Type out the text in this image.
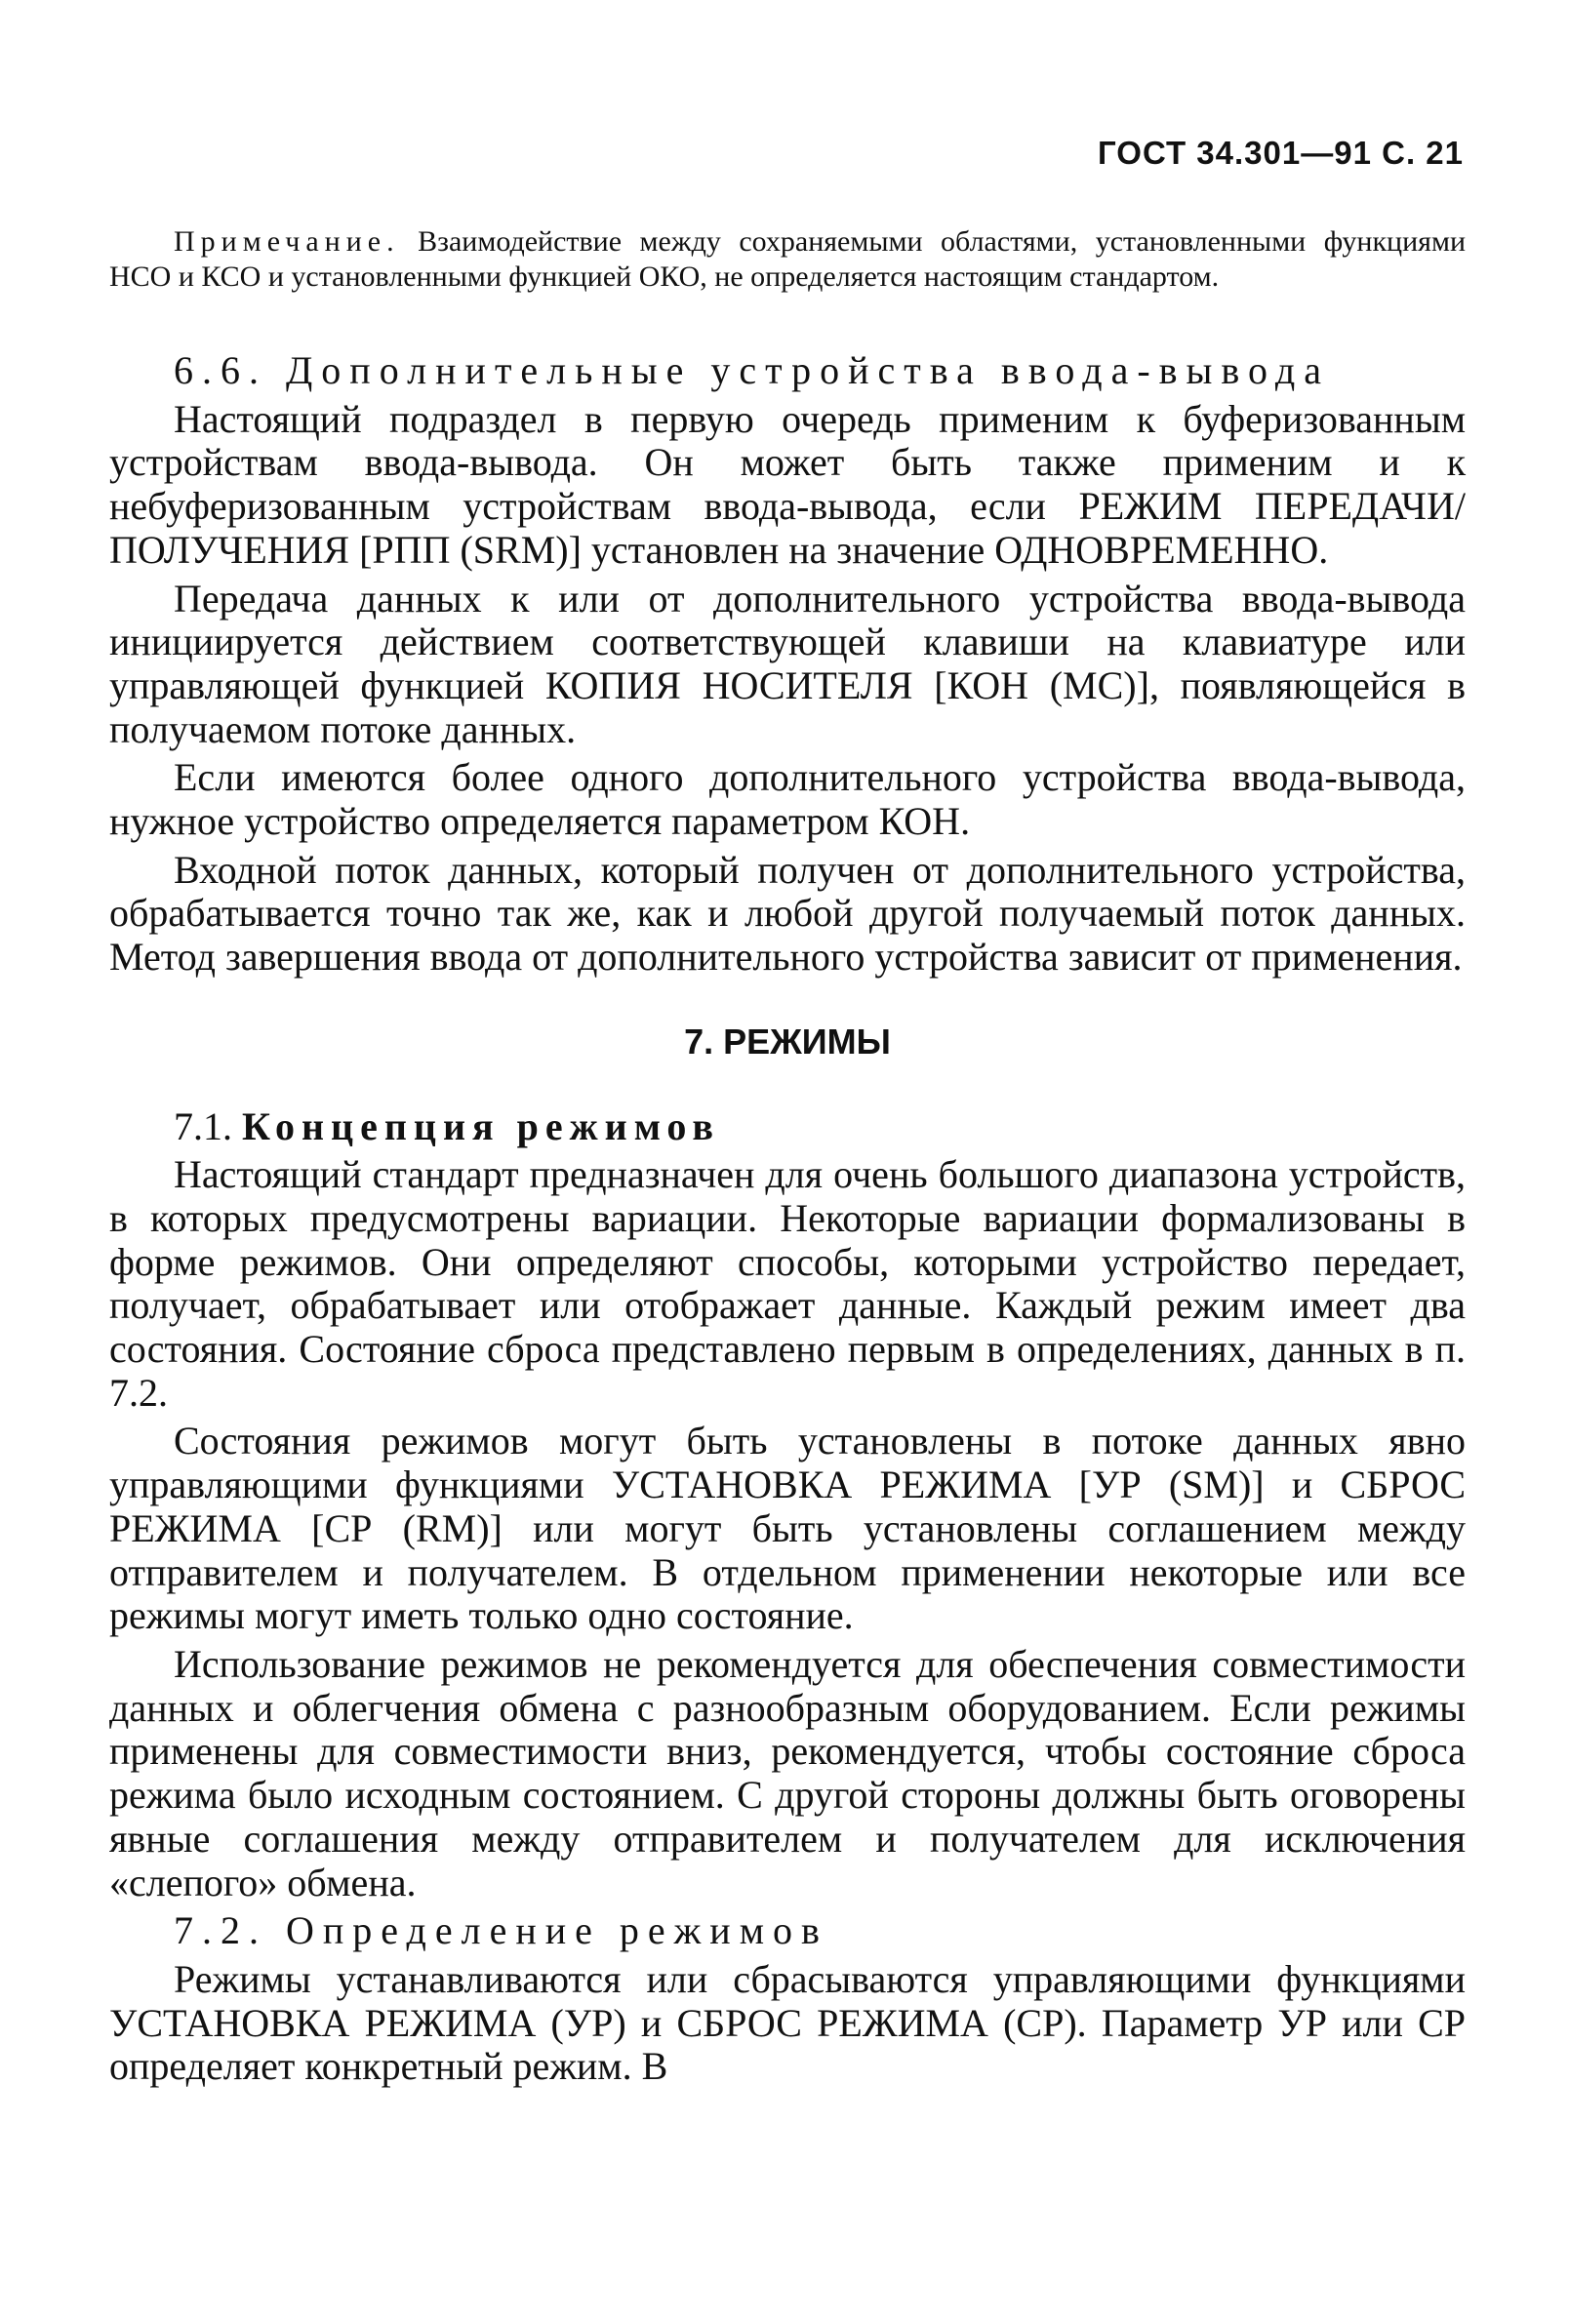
ГОСТ 34.301—91 С. 21
Примечание. Взаимодействие между сохраняемыми областями, установленными функциями НСО и КСО и установленными функцией ОКО, не определяется настоящим стандартом.

6.6. Дополнительные устройства ввода-вывода

Настоящий подраздел в первую очередь применим к буферизованным устройствам ввода-вывода. Он может быть также применим и к небуферизованным устройствам ввода-вывода, если РЕЖИМ ПЕРЕДАЧИ/ПОЛУЧЕНИЯ [РПП (SRM)] установлен на значение ОДНОВРЕМЕННО.

Передача данных к или от дополнительного устройства ввода-вывода инициируется действием соответствующей клавиши на клавиатуре или управляющей функцией КОПИЯ НОСИТЕЛЯ [КОН (МС)], появляющейся в получаемом потоке данных.

Если имеются более одного дополнительного устройства ввода-вывода, нужное устройство определяется параметром КОН.

Входной поток данных, который получен от дополнительного устройства, обрабатывается точно так же, как и любой другой получаемый поток данных. Метод завершения ввода от дополнительного устройства зависит от применения.

7. РЕЖИМЫ

7.1. Концепция режимов

Настоящий стандарт предназначен для очень большого диапазона устройств, в которых предусмотрены вариации. Некоторые вариации формализованы в форме режимов. Они определяют способы, которыми устройство передает, получает, обрабатывает или отображает данные. Каждый режим имеет два состояния. Состояние сброса представлено первым в определениях, данных в п. 7.2.

Состояния режимов могут быть установлены в потоке данных явно управляющими функциями УСТАНОВКА РЕЖИМА [УР (SM)] и СБРОС РЕЖИМА [СР (RM)] или могут быть установлены соглашением между отправителем и получателем. В отдельном применении некоторые или все режимы могут иметь только одно состояние.

Использование режимов не рекомендуется для обеспечения совместимости данных и облегчения обмена с разнообразным оборудованием. Если режимы применены для совместимости вниз, рекомендуется, чтобы состояние сброса режима было исходным состоянием. С другой стороны должны быть оговорены явные соглашения между отправителем и получателем для исключения «слепого» обмена.

7.2. Определение режимов

Режимы устанавливаются или сбрасываются управляющими функциями УСТАНОВКА РЕЖИМА (УР) и СБРОС РЕЖИМА (СР). Параметр УР или СР определяет конкретный режим. В
